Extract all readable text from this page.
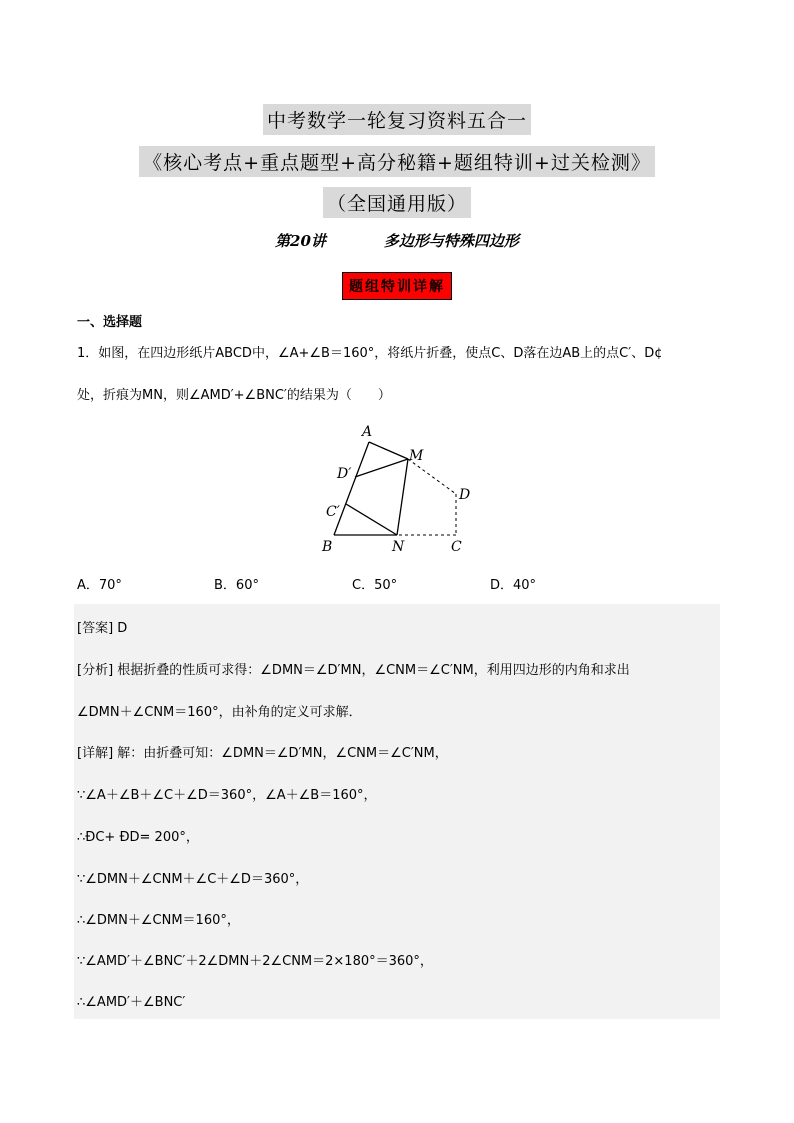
中考数学一轮复习资料五合一
《核心考点+重点题型+高分秘籍+题组特训+过关检测》
（全国通用版）
第20讲	多边形与特殊四边形
题组特训详解
一、选择题
1．如图，在四边形纸片ABCD中，∠A+∠B＝160°，将纸片折叠，使点C、D落在边AB上的点C′、D¢
处，折痕为MN，则∠AMD′+∠BNC′的结果为（　　）
A
M
D′
D
C′
B	N	C
A．70°	B．60°	C．50°	D．40°
[答案] D
[分析] 根据折叠的性质可求得：∠DMN＝∠D′MN，∠CNM＝∠C′NM，利用四边形的内角和求出
∠DMN＋∠CNM＝160°，由补角的定义可求解．
[详解] 解：由折叠可知：∠DMN＝∠D′MN，∠CNM＝∠C′NM，
∵∠A＋∠B＋∠C＋∠D＝360°，∠A＋∠B＝160°，
∴ÐC+ ÐD= 200°，
∵∠DMN＋∠CNM＋∠C＋∠D＝360°，
∴∠DMN＋∠CNM＝160°，
∵∠AMD′＋∠BNC′＋2∠DMN＋2∠CNM＝2×180°＝360°，
∴∠AMD′＋∠BNC′
